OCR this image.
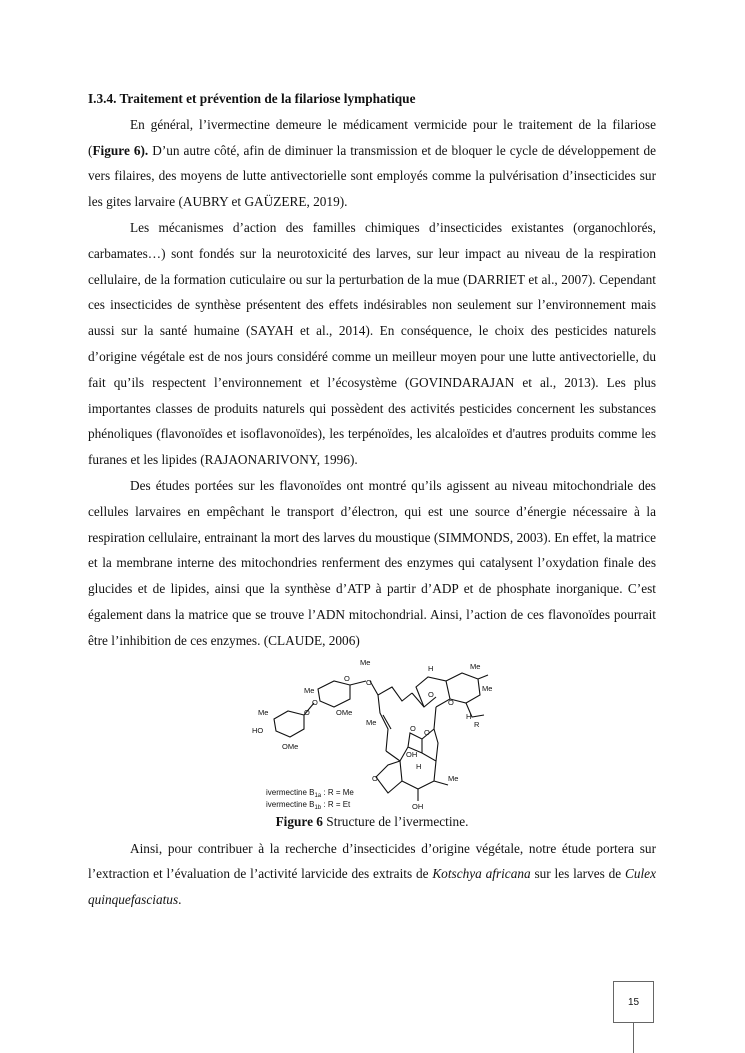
I.3.4. Traitement et prévention de la filariose lymphatique

En général, l’ivermectine demeure le médicament vermicide pour le traitement de la filariose (Figure 6). D’un autre côté, afin de diminuer la transmission et de bloquer le cycle de développement de vers filaires, des moyens de lutte antivectorielle sont employés comme la pulvérisation d’insecticides sur les gites larvaire (AUBRY et GAÜZERE, 2019).

Les mécanismes d’action des familles chimiques d’insecticides existantes (organochlorés, carbamates…) sont fondés sur la neurotoxicité des larves, sur leur impact au niveau de la respiration cellulaire, de la formation cuticulaire ou sur la perturbation de la mue (DARRIET et al., 2007). Cependant ces insecticides de synthèse présentent des effets indésirables non seulement sur l’environnement mais aussi sur la santé humaine (SAYAH et al., 2014). En conséquence, le choix des pesticides naturels d’origine végétale est de nos jours considéré comme un meilleur moyen pour une lutte antivectorielle, du fait qu’ils respectent l’environnement et l’écosystème (GOVINDARAJAN et al., 2013). Les plus importantes classes de produits naturels qui possèdent des activités pesticides concernent les substances phénoliques (flavonoïdes et isoflavonoïdes), les terpénoïdes, les alcaloïdes et d'autres produits comme les furanes et les lipides (RAJAONARIVONY, 1996).

Des études portées sur les flavonoïdes ont montré qu’ils agissent au niveau mitochondriale des cellules larvaires en empêchant le transport d’électron, qui est une source d’énergie nécessaire à la respiration cellulaire, entrainant la mort des larves du moustique (SIMMONDS, 2003). En effet, la matrice et la membrane interne des mitochondries renferment des enzymes qui catalysent l’oxydation finale des glucides et de lipides, ainsi que la synthèse d’ATP à partir d’ADP et de phosphate inorganique. C’est également dans la matrice que se trouve l’ADN mitochondrial. Ainsi, l’action de ces flavonoïdes pourrait être l’inhibition de ces enzymes. (CLAUDE, 2006)

Me
H	Me
Me
H
R
O
O
O
O
O
O
O
O
O
Me
OMe
Me
Me
HO
OMe
OH
H
Me
OH
ivermectine $B_{1a}$ : R = Me
ivermectine $B_{1b}$ : R = Et

Figure 6 Structure de l’ivermectine.

Ainsi, pour contribuer à la recherche d’insecticides d’origine végétale, notre étude portera sur l’extraction et l’évaluation de l’activité larvicide des extraits de Kotschya africana sur les larves de Culex quinquefasciatus.

15
